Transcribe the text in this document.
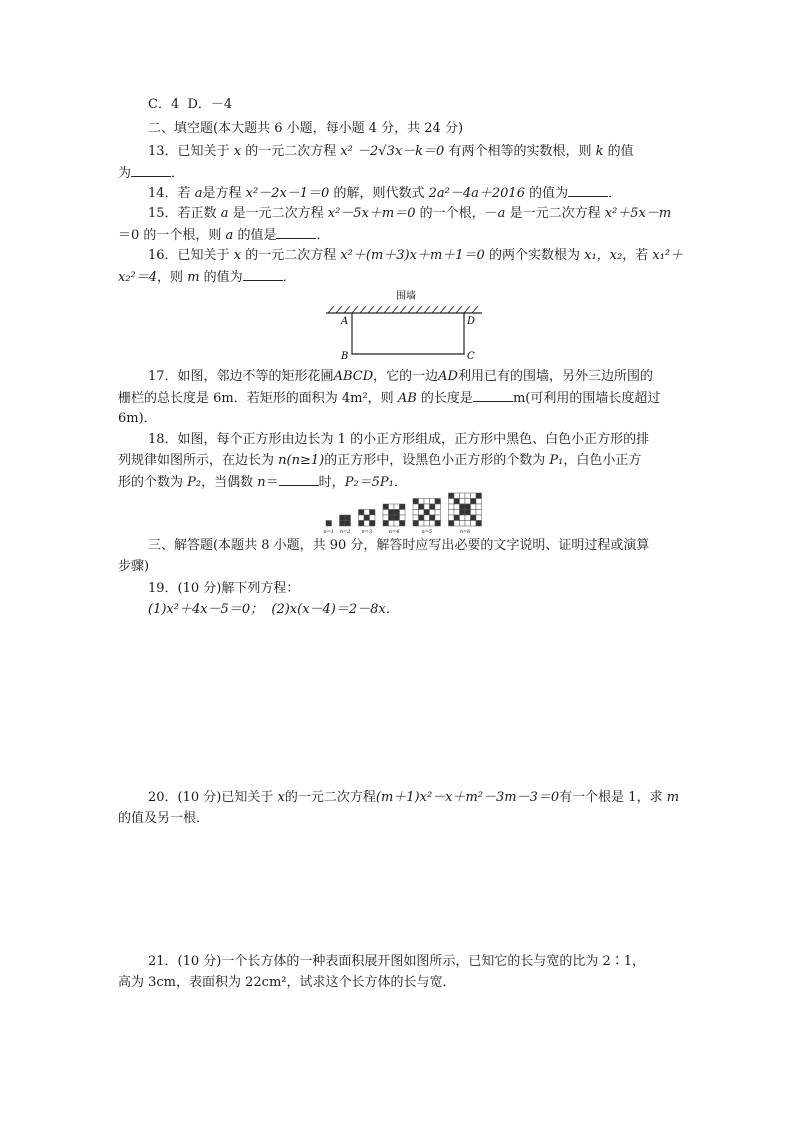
C．4 D．－4
二、填空题(本大题共 6 小题，每小题 4 分，共 24 分)
13．已知关于 x 的一元二次方程 x² －2√3x－k＝0 有两个相等的实数根，则 k 的值
为	．
14．若 a是方程 x²－2x－1＝0 的解，则代数式 2a²－4a＋2016 的值为	．
15．若正数 a 是一元二次方程 x²－5x＋m＝0 的一个根，－a 是一元二次方程 x²＋5x－m
＝0 的一个根，则 a 的值是	．
16．已知关于 x 的一元二次方程 x²＋(m＋3)x＋m＋1＝0 的两个实数根为 x₁，x₂，若 x₁²＋
x₂²＝4，则 m 的值为	．
围墙
A	D
B	C
17．如图，邻边不等的矩形花圃ABCD，它的一边AD利用已有的围墙，另外三边所围的
栅栏的总长度是 6m．若矩形的面积为 4m²，则 AB 的长度是	m(可利用的围墙长度超过
6m)．
18．如图，每个正方形由边长为 1 的小正方形组成，正方形中黑色、白色小正方形的排
列规律如图所示，在边长为 n(n≥1)的正方形中，设黑色小正方形的个数为 P₁，白色小正方
形的个数为 P₂，当偶数 n＝	时，P₂＝5P₁．
n=1 n=2 n=3	n=4	n=5	n=6
三、解答题(本题共 8 小题，共 90 分，解答时应写出必要的文字说明、证明过程或演算
步骤)
19．(10 分)解下列方程：
(1)x²＋4x－5＝0； (2)x(x－4)＝2－8x．
20．(10 分)已知关于 x的一元二次方程(m＋1)x²－x＋m²－3m－3＝0有一个根是 1，求 m
的值及另一根．
21．(10 分)一个长方体的一种表面积展开图如图所示，已知它的长与宽的比为 2∶1，
高为 3cm，表面积为 22cm²，试求这个长方体的长与宽．
